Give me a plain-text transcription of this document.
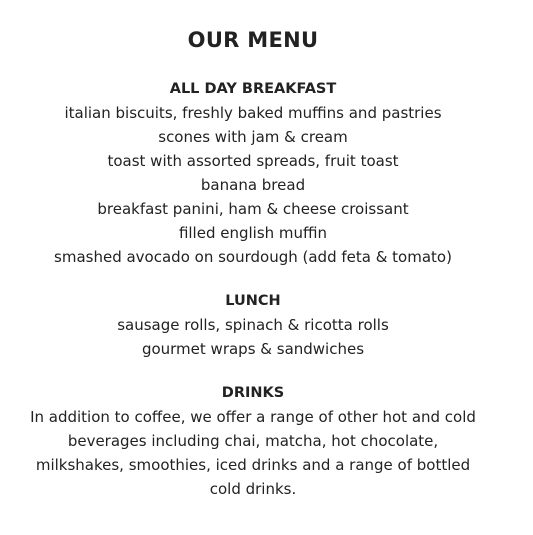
OUR MENU

ALL DAY BREAKFAST

italian biscuits, freshly baked muffins and pastries

scones with jam & cream

toast with assorted spreads, fruit toast

banana bread

breakfast panini, ham & cheese croissant

filled english muffin

smashed avocado on sourdough (add feta & tomato)

LUNCH

sausage rolls, spinach & ricotta rolls

gourmet wraps & sandwiches

DRINKS

In addition to coffee, we offer a range of other hot and cold

beverages including chai, matcha, hot chocolate,

milkshakes, smoothies, iced drinks and a range of bottled

cold drinks.
